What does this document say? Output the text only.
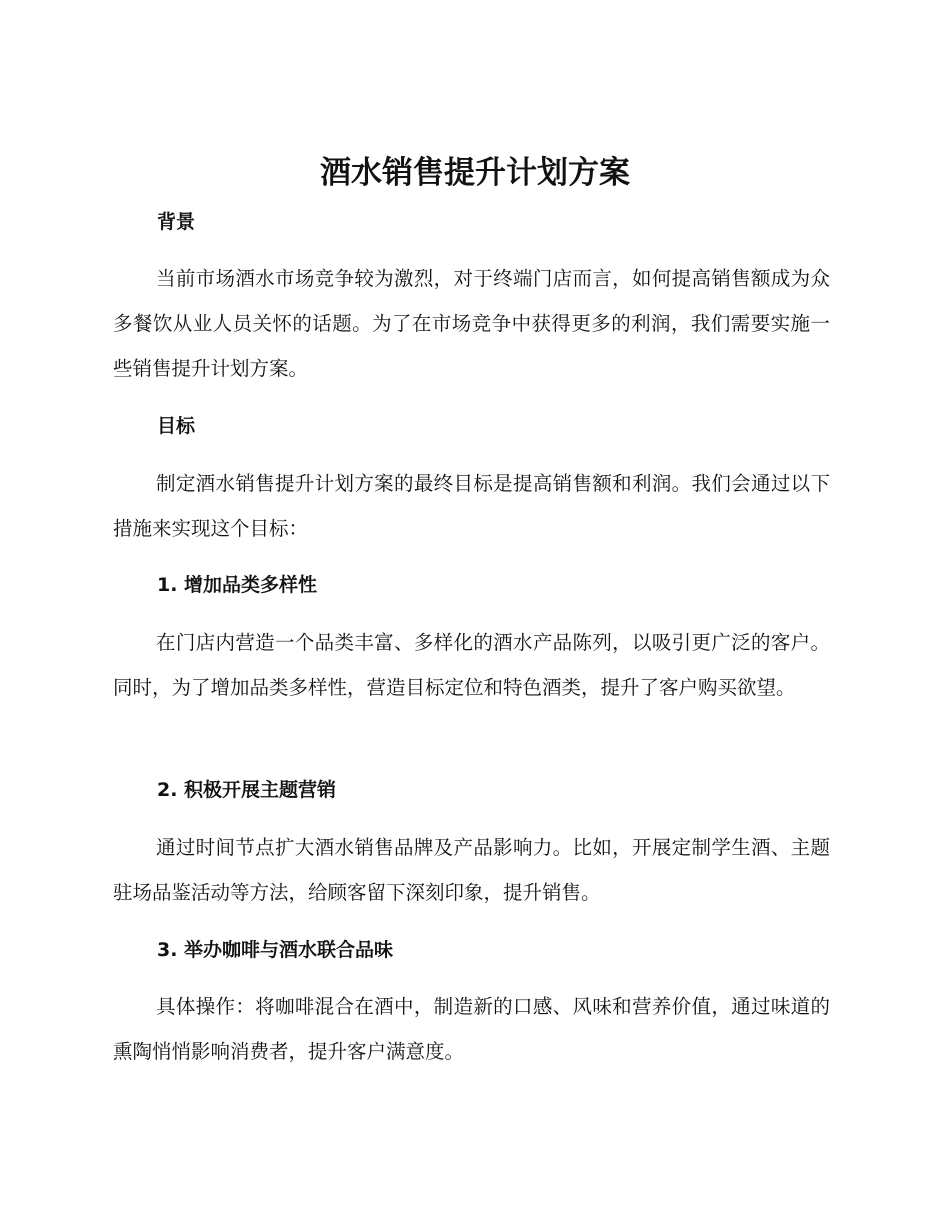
酒水销售提升计划方案
背景

当前市场酒水市场竞争较为激烈，对于终端门店而言，如何提高销售额成为众多餐饮从业人员关怀的话题。为了在市场竞争中获得更多的利润，我们需要实施一些销售提升计划方案。

目标

制定酒水销售提升计划方案的最终目标是提高销售额和利润。我们会通过以下措施来实现这个目标：

1. 增加品类多样性

在门店内营造一个品类丰富、多样化的酒水产品陈列，以吸引更广泛的客户。同时，为了增加品类多样性，营造目标定位和特色酒类，提升了客户购买欲望。

2. 积极开展主题营销

通过时间节点扩大酒水销售品牌及产品影响力。比如，开展定制学生酒、主题驻场品鉴活动等方法，给顾客留下深刻印象，提升销售。

3. 举办咖啡与酒水联合品味

具体操作：将咖啡混合在酒中，制造新的口感、风味和营养价值，通过味道的熏陶悄悄影响消费者，提升客户满意度。
